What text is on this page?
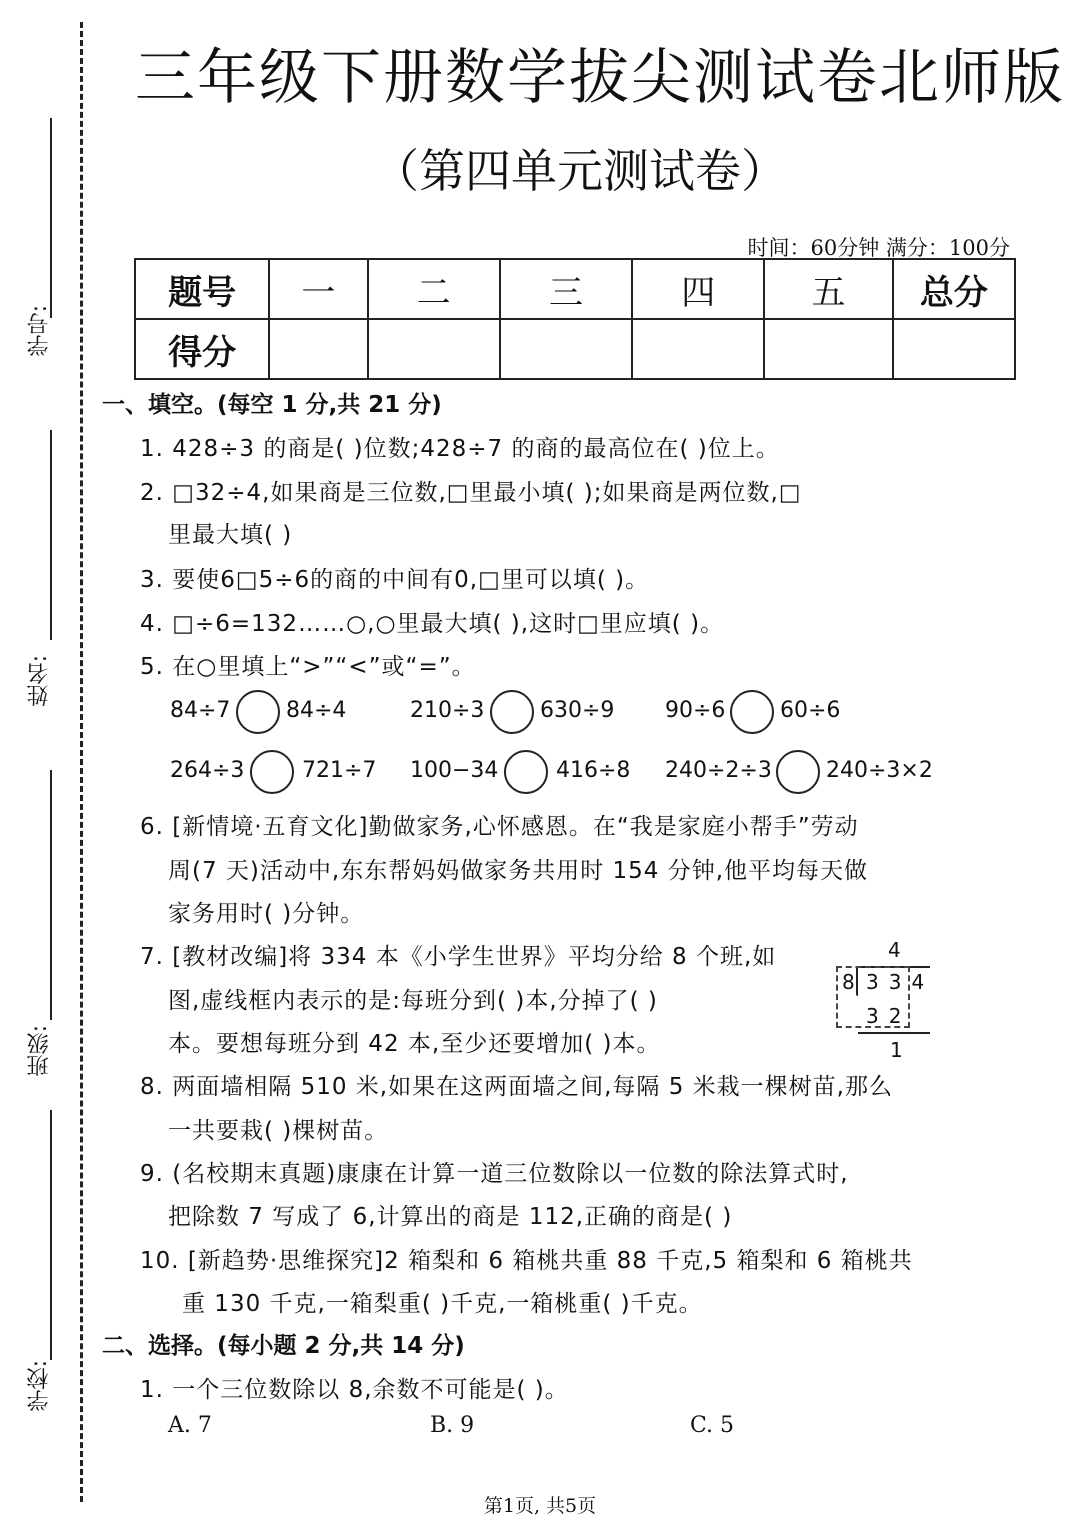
学号:
姓名:
班级:
学校:
三年级下册数学拔尖测试卷北师版
（第四单元测试卷）
时间：60分钟 满分：100分
题号	一	二	三	四	五	总分
得分						
一、填空。(每空 1 分,共 21 分)
1. 428÷3 的商是( )位数;428÷7 的商的最高位在( )位上。
2. □32÷4,如果商是三位数,□里最小填( );如果商是两位数,□
里最大填( )
3. 要使6□5÷6的商的中间有0,□里可以填( )。
4. □÷6=132……○,○里最大填( ),这时□里应填( )。
5. 在○里填上“>”“<”或“=”。
84÷7	84÷4	210÷3	630÷9 90÷6 60÷6
264÷3	721÷7 100−34	416÷8 240÷2÷3 240÷3×2
6. [新情境·五育文化]勤做家务,心怀感恩。在“我是家庭小帮手”劳动
周(7 天)活动中,东东帮妈妈做家务共用时 154 分钟,他平均每天做
家务用时( )分钟。
7. [教材改编]将 334 本《小学生世界》平均分给 8 个班,如
图,虚线框内表示的是:每班分到( )本,分掉了( )
本。要想每班分到 42 本,至少还要增加( )本。
4
8 334
32
1
8. 两面墙相隔 510 米,如果在这两面墙之间,每隔 5 米栽一棵树苗,那么
一共要栽( )棵树苗。
9. (名校期末真题)康康在计算一道三位数除以一位数的除法算式时,
把除数 7 写成了 6,计算出的商是 112,正确的商是( )
10. [新趋势·思维探究]2 箱梨和 6 箱桃共重 88 千克,5 箱梨和 6 箱桃共
重 130 千克,一箱梨重( )千克,一箱桃重( )千克。
二、选择。(每小题 2 分,共 14 分)
1. 一个三位数除以 8,余数不可能是( )。
A. 7	B. 9	C. 5
第1页, 共5页
